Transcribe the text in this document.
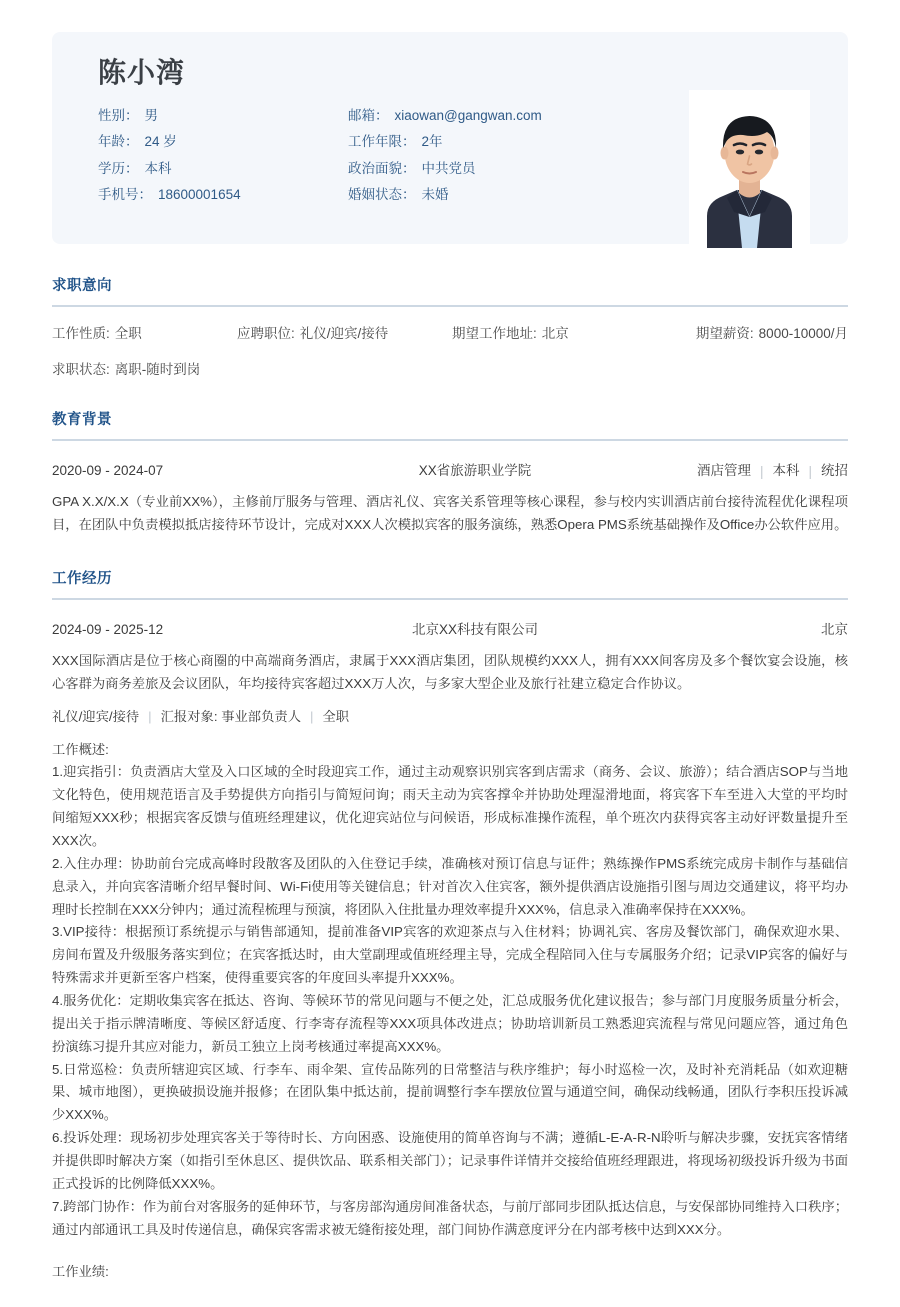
陈小湾
性别： 男	邮箱： xiaowan@gangwan.com
年龄： 24 岁	工作年限： 2年
学历： 本科	政治面貌： 中共党员
手机号： 18600001654	婚姻状态： 未婚
求职意向
工作性质: 全职	应聘职位: 礼仪/迎宾/接待	期望工作地址: 北京	期望薪资: 8000-10000/月
求职状态: 离职-随时到岗
教育背景
2020-09 - 2024-07	XX省旅游职业学院	酒店管理 | 本科 | 统招
GPA X.X/X.X（专业前XX%），主修前厅服务与管理、酒店礼仪、宾客关系管理等核心课程，参与校内实训酒店前台接待流程优化课程项目，在团队中负责模拟抵店接待环节设计，完成对XXX人次模拟宾客的服务演练，熟悉Opera PMS系统基础操作及Office办公软件应用。
工作经历
2024-09 - 2025-12	北京XX科技有限公司	北京
XXX国际酒店是位于核心商圈的中高端商务酒店，隶属于XXX酒店集团，团队规模约XXX人，拥有XXX间客房及多个餐饮宴会设施，核心客群为商务差旅及会议团队，年均接待宾客超过XXX万人次，与多家大型企业及旅行社建立稳定合作协议。
礼仪/迎宾/接待 | 汇报对象: 事业部负责人 | 全职
工作概述:

1.迎宾指引：负责酒店大堂及入口区域的全时段迎宾工作，通过主动观察识别宾客到店需求（商务、会议、旅游）；结合酒店SOP与当地文化特色，使用规范语言及手势提供方向指引与简短问询；雨天主动为宾客撑伞并协助处理湿滑地面，将宾客下车至进入大堂的平均时间缩短XXX秒；根据宾客反馈与值班经理建议，优化迎宾站位与问候语，形成标准操作流程，单个班次内获得宾客主动好评数量提升至XXX次。

2.入住办理：协助前台完成高峰时段散客及团队的入住登记手续，准确核对预订信息与证件；熟练操作PMS系统完成房卡制作与基础信息录入，并向宾客清晰介绍早餐时间、Wi-Fi使用等关键信息；针对首次入住宾客，额外提供酒店设施指引图与周边交通建议，将平均办理时长控制在XXX分钟内；通过流程梳理与预演，将团队入住批量办理效率提升XXX%，信息录入准确率保持在XXX%。

3.VIP接待：根据预订系统提示与销售部通知，提前准备VIP宾客的欢迎茶点与入住材料；协调礼宾、客房及餐饮部门，确保欢迎水果、房间布置及升级服务落实到位；在宾客抵达时，由大堂副理或值班经理主导，完成全程陪同入住与专属服务介绍；记录VIP宾客的偏好与特殊需求并更新至客户档案，使得重要宾客的年度回头率提升XXX%。

4.服务优化：定期收集宾客在抵达、咨询、等候环节的常见问题与不便之处，汇总成服务优化建议报告；参与部门月度服务质量分析会，提出关于指示牌清晰度、等候区舒适度、行李寄存流程等XXX项具体改进点；协助培训新员工熟悉迎宾流程与常见问题应答，通过角色扮演练习提升其应对能力，新员工独立上岗考核通过率提高XXX%。

5.日常巡检：负责所辖迎宾区域、行李车、雨伞架、宣传品陈列的日常整洁与秩序维护；每小时巡检一次，及时补充消耗品（如欢迎糖果、城市地图），更换破损设施并报修；在团队集中抵达前，提前调整行李车摆放位置与通道空间，确保动线畅通，团队行李积压投诉减少XXX%。

6.投诉处理：现场初步处理宾客关于等待时长、方向困惑、设施使用的简单咨询与不满；遵循L-E-A-R-N聆听与解决步骤，安抚宾客情绪并提供即时解决方案（如指引至休息区、提供饮品、联系相关部门）；记录事件详情并交接给值班经理跟进，将现场初级投诉升级为书面正式投诉的比例降低XXX%。

7.跨部门协作：作为前台对客服务的延伸环节，与客房部沟通房间准备状态，与前厅部同步团队抵达信息，与安保部协同维持入口秩序；通过内部通讯工具及时传递信息，确保宾客需求被无缝衔接处理，部门间协作满意度评分在内部考核中达到XXX分。

工作业绩:
